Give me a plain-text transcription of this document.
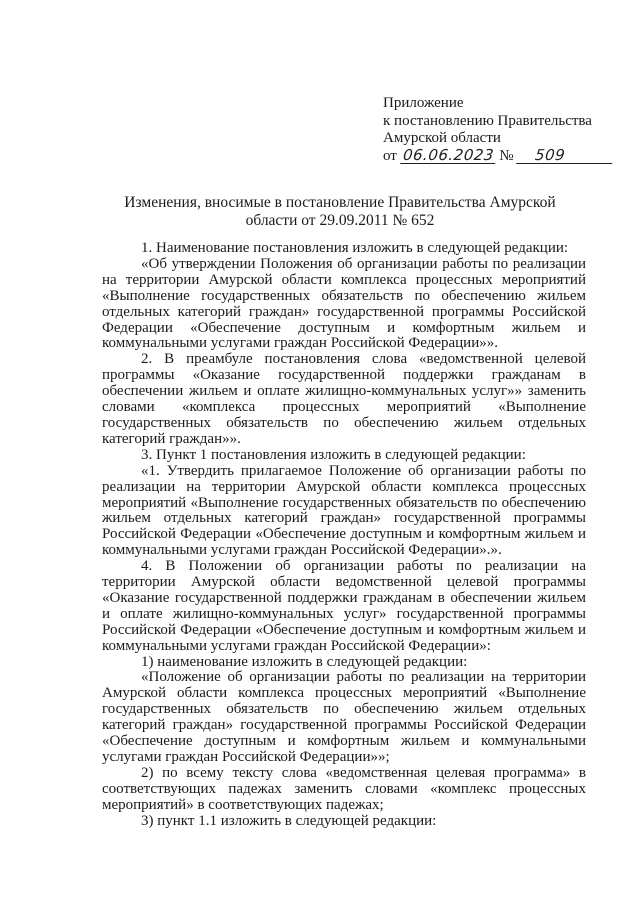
Приложение
к постановлению Правительства
Амурской области
от 06.06.2023 № 509
Изменения, вносимые в постановление Правительства Амурской
области от 29.09.2011 № 652

1. Наименование постановления изложить в следующей редакции:

«Об утверждении Положения об организации работы по реализации на территории Амурской области комплекса процессных мероприятий «Выполнение государственных обязательств по обеспечению жильем отдельных категорий граждан» государственной программы Российской Федерации «Обеспечение доступным и комфортным жильем и коммунальными услугами граждан Российской Федерации»».

2. В преамбуле постановления слова «ведомственной целевой программы «Оказание государственной поддержки гражданам в обеспечении жильем и оплате жилищно-коммунальных услуг»» заменить словами «комплекса процессных мероприятий «Выполнение государственных обязательств по обеспечению жильем отдельных категорий граждан»».

3. Пункт 1 постановления изложить в следующей редакции:

«1. Утвердить прилагаемое Положение об организации работы по реализации на территории Амурской области комплекса процессных мероприятий «Выполнение государственных обязательств по обеспечению жильем отдельных категорий граждан» государственной программы Российской Федерации «Обеспечение доступным и комфортным жильем и коммунальными услугами граждан Российской Федерации».».

4. В Положении об организации работы по реализации на территории Амурской области ведомственной целевой программы «Оказание государственной поддержки гражданам в обеспечении жильем и оплате жилищно-коммунальных услуг» государственной программы Российской Федерации «Обеспечение доступным и комфортным жильем и коммунальными услугами граждан Российской Федерации»:

1) наименование изложить в следующей редакции:

«Положение об организации работы по реализации на территории Амурской области комплекса процессных мероприятий «Выполнение государственных обязательств по обеспечению жильем отдельных категорий граждан» государственной программы Российской Федерации «Обеспечение доступным и комфортным жильем и коммунальными услугами граждан Российской Федерации»»;

2) по всему тексту слова «ведомственная целевая программа» в соответствующих падежах заменить словами «комплекс процессных мероприятий» в соответствующих падежах;

3) пункт 1.1 изложить в следующей редакции:
